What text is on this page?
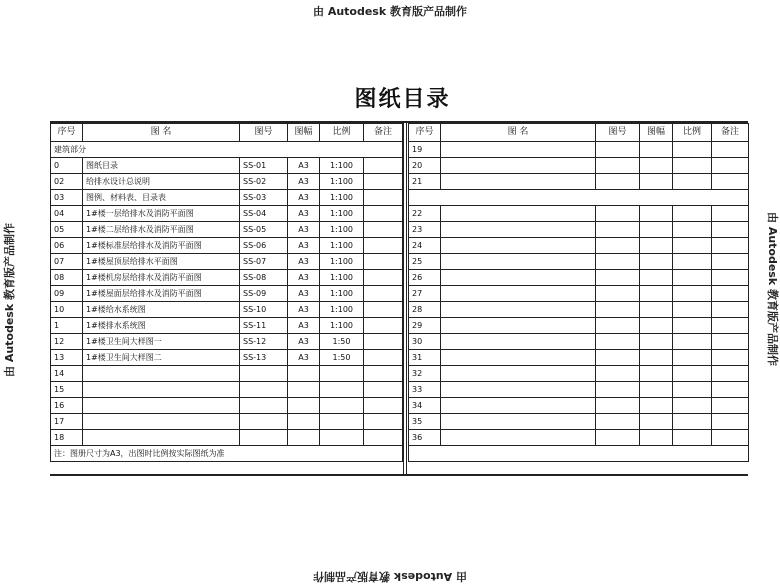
由 Autodesk 教育版产品制作
由 Autodesk 教育版产品制作
由 Autodesk 教育版产品制作	由 Autodesk 教育版产品制作
图纸目录
序号	图 名	图号	图幅	比例	备注
建筑部分					
0	图纸目录	SS-01	A3	1:100	
02	给排水设计总说明	SS-02	A3	1:100	
03	图例、材料表、目录表	SS-03	A3	1:100	
04	1#楼一层给排水及消防平面图	SS-04	A3	1:100	
05	1#楼二层给排水及消防平面图	SS-05	A3	1:100	
06	1#楼标准层给排水及消防平面图	SS-06	A3	1:100	
07	1#楼屋顶层给排水平面图	SS-07	A3	1:100	
08	1#楼机房层给排水及消防平面图	SS-08	A3	1:100	
09	1#楼屋面层给排水及消防平面图	SS-09	A3	1:100	
10	1#楼给水系统图	SS-10	A3	1:100	
1	1#楼排水系统图	SS-11	A3	1:100	
12	1#楼卫生间大样图一	SS-12	A3	1:50	
13	1#楼卫生间大样图二	SS-13	A3	1:50	
14					
15					
16					
17					
18					
注：图册尺寸为A3，出图时比例按实际图纸为准					
序号	图 名	图号	图幅	比例	备注
19					
20					
21					

22					
23					
24					
25					
26					
27					
28					
29					
30					
31					
32					
33					
34					
35					
36					
